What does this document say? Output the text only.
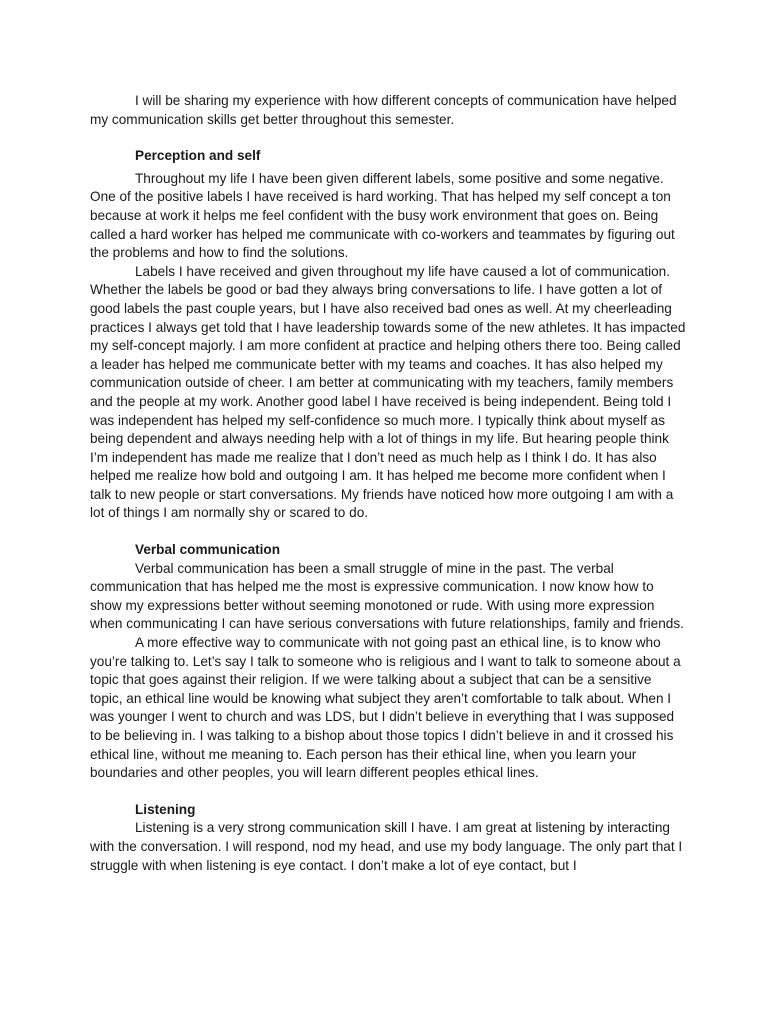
I will be sharing my experience with how different concepts of communication have helped my communication skills get better throughout this semester.

Perception and self

Throughout my life I have been given different labels, some positive and some negative. One of the positive labels I have received is hard working. That has helped my self concept a ton because at work it helps me feel confident with the busy work environment that goes on. Being called a hard worker has helped me communicate with co-workers and teammates by figuring out the problems and how to find the solutions.

Labels I have received and given throughout my life have caused a lot of communication. Whether the labels be good or bad they always bring conversations to life. I have gotten a lot of good labels the past couple years, but I have also received bad ones as well. At my cheerleading practices I always get told that I have leadership towards some of the new athletes. It has impacted my self-concept majorly. I am more confident at practice and helping others there too. Being called a leader has helped me communicate better with my teams and coaches. It has also helped my communication outside of cheer. I am better at communicating with my teachers, family members and the people at my work. Another good label I have received is being independent. Being told I was independent has helped my self-confidence so much more. I typically think about myself as being dependent and always needing help with a lot of things in my life. But hearing people think I’m independent has made me realize that I don’t need as much help as I think I do. It has also helped me realize how bold and outgoing I am. It has helped me become more confident when I talk to new people or start conversations. My friends have noticed how more outgoing I am with a lot of things I am normally shy or scared to do.

Verbal communication

Verbal communication has been a small struggle of mine in the past. The verbal communication that has helped me the most is expressive communication. I now know how to show my expressions better without seeming monotoned or rude. With using more expression when communicating I can have serious conversations with future relationships, family and friends.

A more effective way to communicate with not going past an ethical line, is to know who you’re talking to. Let’s say I talk to someone who is religious and I want to talk to someone about a topic that goes against their religion. If we were talking about a subject that can be a sensitive topic, an ethical line would be knowing what subject they aren’t comfortable to talk about. When I was younger I went to church and was LDS, but I didn’t believe in everything that I was supposed to be believing in. I was talking to a bishop about those topics I didn’t believe in and it crossed his ethical line, without me meaning to. Each person has their ethical line, when you learn your boundaries and other peoples, you will learn different peoples ethical lines.

Listening

Listening is a very strong communication skill I have. I am great at listening by interacting with the conversation. I will respond, nod my head, and use my body language. The only part that I struggle with when listening is eye contact. I don’t make a lot of eye contact, but I
